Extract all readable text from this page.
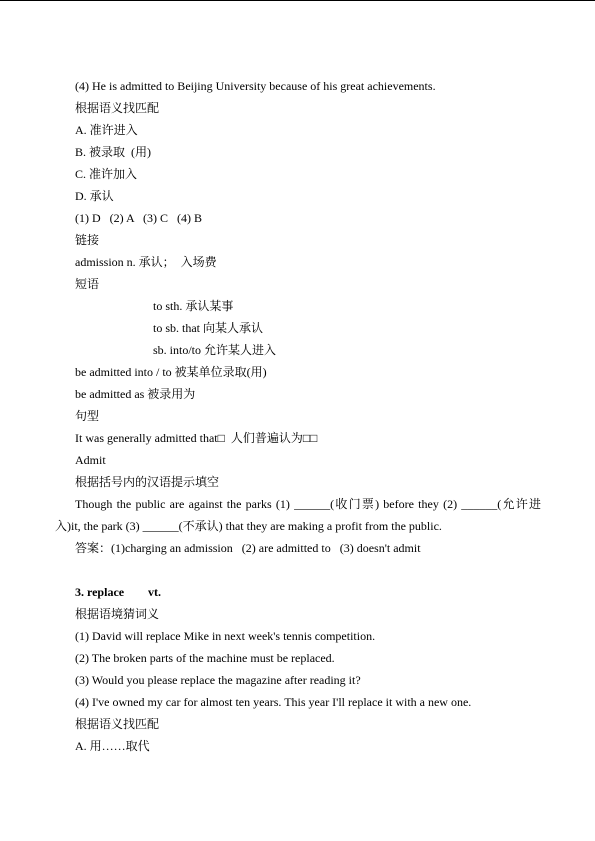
(4) He is admitted to Beijing University because of his great achievements.
根据语义找匹配
A. 准许进入
B. 被录取  (用)
C. 准许加入
D. 承认
(1) D   (2) A   (3) C   (4) B
链接
admission n. 承认；  入场费
短语
to sth. 承认某事
to sb. that 向某人承认
sb. into/to 允许某人进入
be admitted into / to 被某单位录取(用)
be admitted as 被录用为
句型
It was generally admitted that□  人们普遍认为□□
Admit
根据括号内的汉语提示填空
Though the public are against the parks (1) ______(收门票) before they (2) ______(允许进
入)it, the park (3) ______(不承认) that they are making a profit from the public.
答案：(1)charging an admission   (2) are admitted to   (3) doesn't admit
3. replace vt.
根据语境猜词义
(1) David will replace Mike in next week's tennis competition.
(2) The broken parts of the machine must be replaced.
(3) Would you please replace the magazine after reading it?
(4) I've owned my car for almost ten years. This year I'll replace it with a new one.
根据语义找匹配
A. 用……取代
